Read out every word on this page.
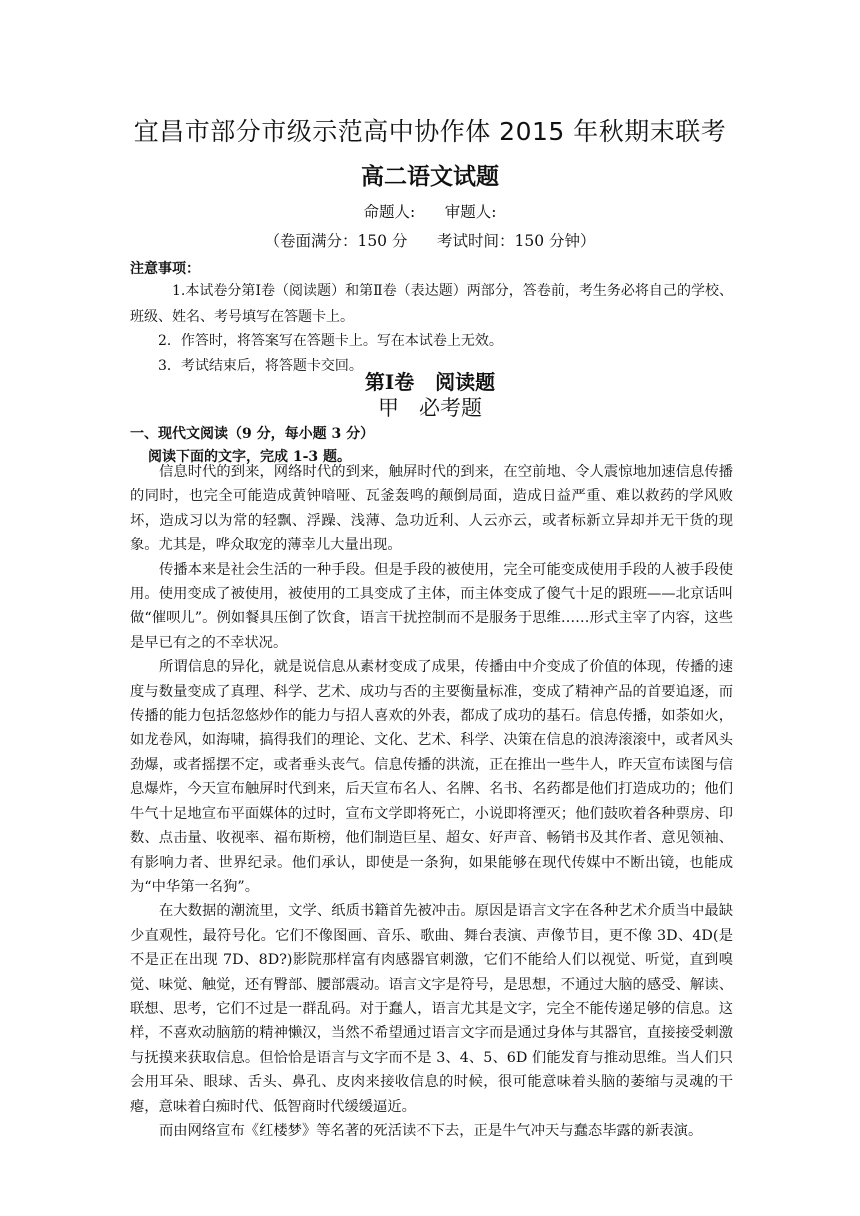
宜昌市部分市级示范高中协作体 2015 年秋期末联考
高二语文试题
命题人:      审题人:
（卷面满分：150 分      考试时间：150 分钟）
注意事项：
1.本试卷分第Ⅰ卷（阅读题）和第Ⅱ卷（表达题）两部分，答卷前，考生务必将自己的学校、班级、姓名、考号填写在答题卡上。
2．作答时，将答案写在答题卡上。写在本试卷上无效。
3．考试结束后，将答题卡交回。
第Ⅰ卷   阅读题
甲   必考题
一、现代文阅读（9 分，每小题 3 分）
阅读下面的文字，完成 1-3 题。

信息时代的到来，网络时代的到来，触屏时代的到来，在空前地、令人震惊地加速信息传播的同时，也完全可能造成黄钟喑哑、瓦釜轰鸣的颠倒局面，造成日益严重、难以救药的学风败坏，造成习以为常的轻飘、浮躁、浅薄、急功近利、人云亦云，或者标新立异却并无干货的现象。尤其是，哗众取宠的薄幸儿大量出现。

传播本来是社会生活的一种手段。但是手段的被使用，完全可能变成使用手段的人被手段使用。使用变成了被使用，被使用的工具变成了主体，而主体变成了傻气十足的跟班——北京话叫做“催呗儿”。例如餐具压倒了饮食，语言干扰控制而不是服务于思维……形式主宰了内容，这些是早已有之的不幸状况。

所谓信息的异化，就是说信息从素材变成了成果，传播由中介变成了价值的体现，传播的速度与数量变成了真理、科学、艺术、成功与否的主要衡量标准，变成了精神产品的首要追逐，而传播的能力包括忽悠炒作的能力与招人喜欢的外表，都成了成功的基石。信息传播，如荼如火，如龙卷风，如海啸，搞得我们的理论、文化、艺术、科学、决策在信息的浪涛滚滚中，或者风头劲爆，或者摇摆不定，或者垂头丧气。信息传播的洪流，正在推出一些牛人，昨天宣布读图与信息爆炸，今天宣布触屏时代到来，后天宣布名人、名牌、名书、名药都是他们打造成功的；他们牛气十足地宣布平面媒体的过时，宣布文学即将死亡，小说即将湮灭；他们鼓吹着各种票房、印数、点击量、收视率、福布斯榜，他们制造巨星、超女、好声音、畅销书及其作者、意见领袖、有影响力者、世界纪录。他们承认，即使是一条狗，如果能够在现代传媒中不断出镜，也能成为“中华第一名狗”。

在大数据的潮流里，文学、纸质书籍首先被冲击。原因是语言文字在各种艺术介质当中最缺少直观性，最符号化。它们不像图画、音乐、歌曲、舞台表演、声像节目，更不像 3D、4D(是不是正在出现 7D、8D?)影院那样富有肉感器官刺激，它们不能给人们以视觉、听觉，直到嗅觉、味觉、触觉，还有臀部、腰部震动。语言文字是符号，是思想，不通过大脑的感受、解读、联想、思考，它们不过是一群乱码。对于蠢人，语言尤其是文字，完全不能传递足够的信息。这样，不喜欢动脑筋的精神懒汉，当然不希望通过语言文字而是通过身体与其器官，直接接受刺激与抚摸来获取信息。但恰恰是语言与文字而不是 3、4、5、6D 们能发育与推动思维。当人们只会用耳朵、眼球、舌头、鼻孔、皮肉来接收信息的时候，很可能意味着头脑的萎缩与灵魂的干瘪，意味着白痴时代、低智商时代缓缓逼近。

而由网络宣布《红楼梦》等名著的死活读不下去，正是牛气冲天与蠢态毕露的新表演。
